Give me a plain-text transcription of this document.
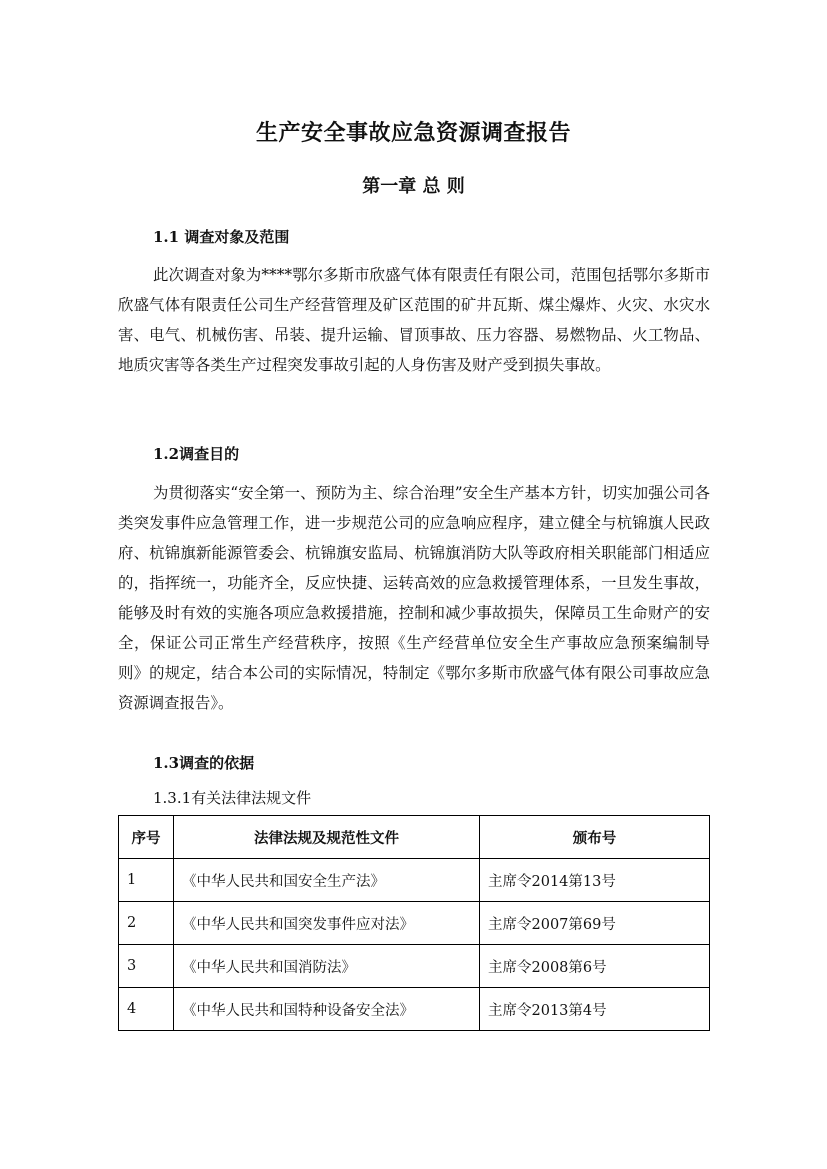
生产安全事故应急资源调查报告
第一章 总 则

1.1 调查对象及范围

此次调查对象为****鄂尔多斯市欣盛气体有限责任有限公司，范围包括鄂尔多斯市欣盛气体有限责任公司生产经营管理及矿区范围的矿井瓦斯、煤尘爆炸、火灾、水灾水害、电气、机械伤害、吊装、提升运输、冒顶事故、压力容器、易燃物品、火工物品、地质灾害等各类生产过程突发事故引起的人身伤害及财产受到损失事故。

1.2调查目的

为贯彻落实“安全第一、预防为主、综合治理”安全生产基本方针，切实加强公司各类突发事件应急管理工作，进一步规范公司的应急响应程序，建立健全与杭锦旗人民政府、杭锦旗新能源管委会、杭锦旗安监局、杭锦旗消防大队等政府相关职能部门相适应的，指挥统一，功能齐全，反应快捷、运转高效的应急救援管理体系，一旦发生事故，能够及时有效的实施各项应急救援措施，控制和减少事故损失，保障员工生命财产的安全，保证公司正常生产经营秩序，按照《生产经营单位安全生产事故应急预案编制导则》的规定，结合本公司的实际情况，特制定《鄂尔多斯市欣盛气体有限公司事故应急资源调查报告》。

1.3调查的依据

1.3.1有关法律法规文件

序号	法律法规及规范性文件	颁布号
1	《中华人民共和国安全生产法》	主席令2014第13号
2	《中华人民共和国突发事件应对法》	主席令2007第69号
3	《中华人民共和国消防法》	主席令2008第6号
4	《中华人民共和国特种设备安全法》	主席令2013第4号
